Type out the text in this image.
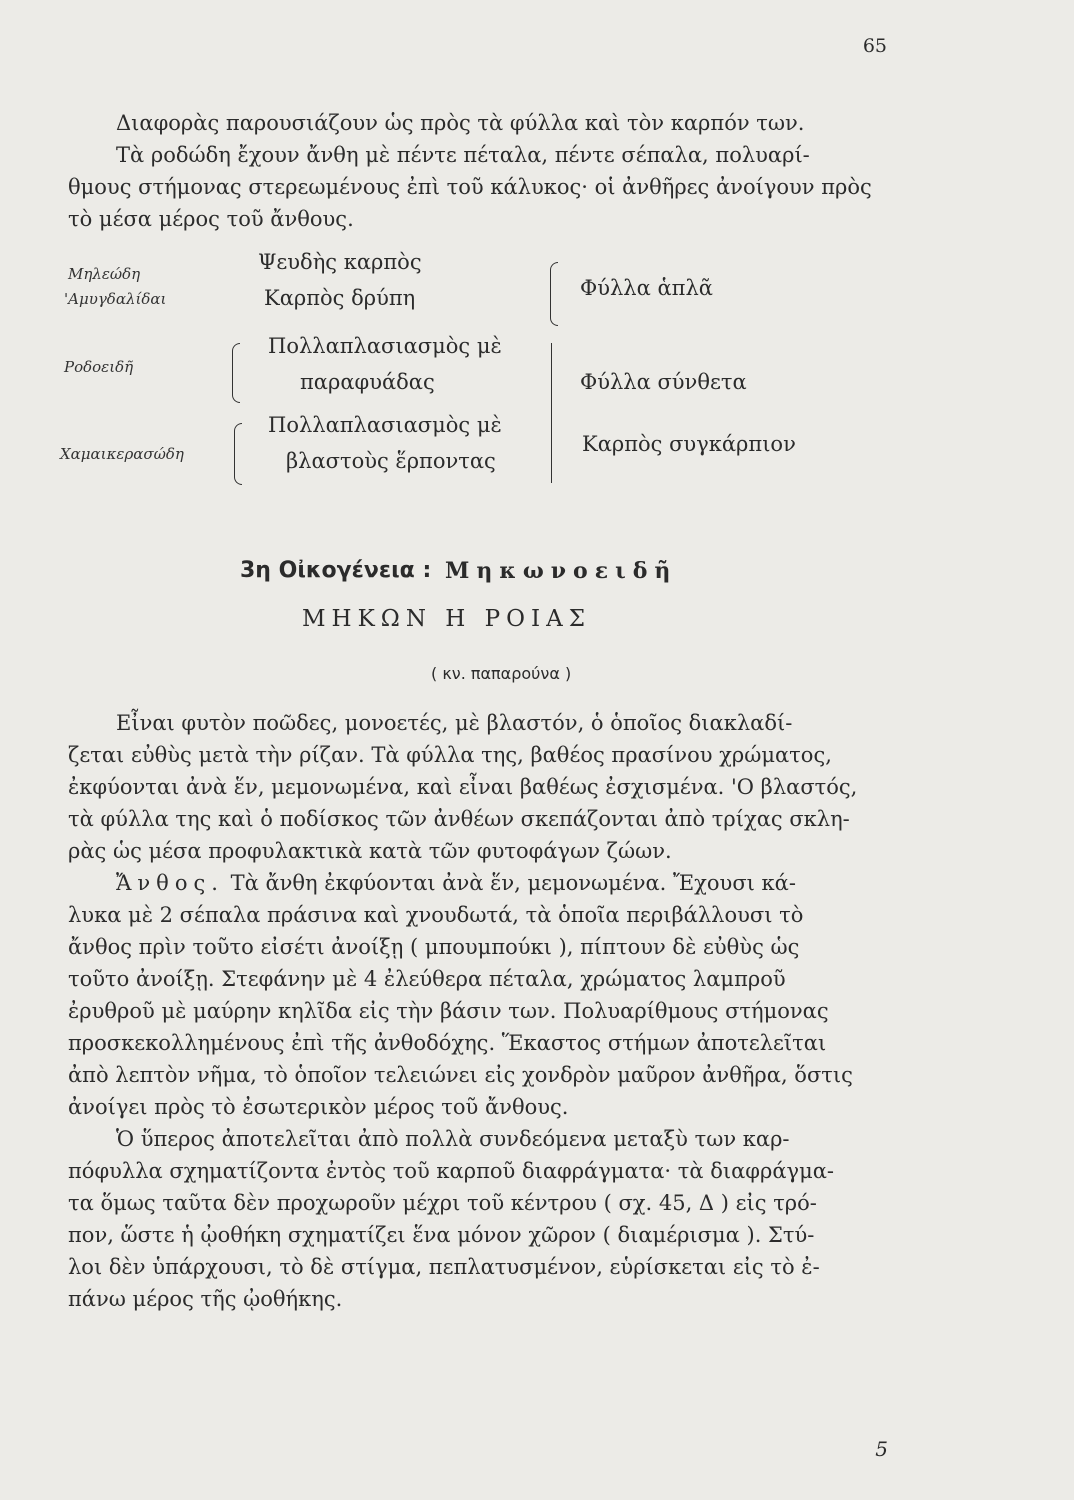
65
Διαφορὰς παρουσιάζουν ὡς πρὸς τὰ φύλλα καὶ τὸν καρπόν των.
Τὰ ροδώδη ἔχουν ἄνθη μὲ πέντε πέταλα, πέντε σέπαλα, πολυαρί-
θμους στήμονας στερεωμένους ἐπὶ τοῦ κάλυκος· οἱ ἀνθῆρες ἀνοίγουν πρὸς
τὸ μέσα μέρος τοῦ ἄνθους.
Μηλεώδη
'Αμυγδαλίδαι
Ροδοειδῆ
Χαμαικερασώδη
Ψευδὴς καρπὸς
Καρπὸς δρύπη
Πολλαπλασιασμὸς μὲ
παραφυάδας
Πολλαπλασιασμὸς μὲ
βλαστοὺς ἕρποντας
Φύλλα ἁπλᾶ
Φύλλα σύνθετα
Καρπὸς συγκάρπιον
3η Οἰκογένεια : Μηκωνοειδῆ
ΜΗΚΩΝ Η ΡΟΙΑΣ
( κν. παπαρούνα )
Εἶναι φυτὸν ποῶδες, μονοετές, μὲ βλαστόν, ὁ ὁποῖος διακλαδί-
ζεται εὐθὺς μετὰ τὴν ρίζαν. Τὰ φύλλα της, βαθέος πρασίνου χρώματος,
ἐκφύονται ἀνὰ ἕν, μεμονωμένα, καὶ εἶναι βαθέως ἐσχισμένα. 'Ο βλαστός,
τὰ φύλλα της καὶ ὁ ποδίσκος τῶν ἀνθέων σκεπάζονται ἀπὸ τρίχας σκλη-
ρὰς ὡς μέσα προφυλακτικὰ κατὰ τῶν φυτοφάγων ζώων.
Ἄνθος. Τὰ ἄνθη ἐκφύονται ἀνὰ ἕν, μεμονωμένα. Ἔχουσι κά-
λυκα μὲ 2 σέπαλα πράσινα καὶ χνουδωτά, τὰ ὁποῖα περιβάλλουσι τὸ
ἄνθος πρὶν τοῦτο εἰσέτι ἀνοίξῃ ( μπουμπούκι ), πίπτουν δὲ εὐθὺς ὡς
τοῦτο ἀνοίξῃ. Στεφάνην μὲ 4 ἐλεύθερα πέταλα, χρώματος λαμπροῦ
ἐρυθροῦ μὲ μαύρην κηλῖδα εἰς τὴν βάσιν των. Πολυαρίθμους στήμονας
προσκεκολλημένους ἐπὶ τῆς ἀνθοδόχης. Ἕκαστος στήμων ἀποτελεῖται
ἀπὸ λεπτὸν νῆμα, τὸ ὁποῖον τελειώνει εἰς χονδρὸν μαῦρον ἀνθῆρα, ὅστις
ἀνοίγει πρὸς τὸ ἐσωτερικὸν μέρος τοῦ ἄνθους.
Ὁ ὕπερος ἀποτελεῖται ἀπὸ πολλὰ συνδεόμενα μεταξὺ των καρ-
πόφυλλα σχηματίζοντα ἐντὸς τοῦ καρποῦ διαφράγματα· τὰ διαφράγμα-
τα ὅμως ταῦτα δὲν προχωροῦν μέχρι τοῦ κέντρου ( σχ. 45, Δ ) εἰς τρό-
πον, ὥστε ἡ ᾠοθήκη σχηματίζει ἕνα μόνον χῶρον ( διαμέρισμα ). Στύ-
λοι δὲν ὑπάρχουσι, τὸ δὲ στίγμα, πεπλατυσμένον, εὑρίσκεται εἰς τὸ ἐ-
πάνω μέρος τῆς ᾠοθήκης.
5
